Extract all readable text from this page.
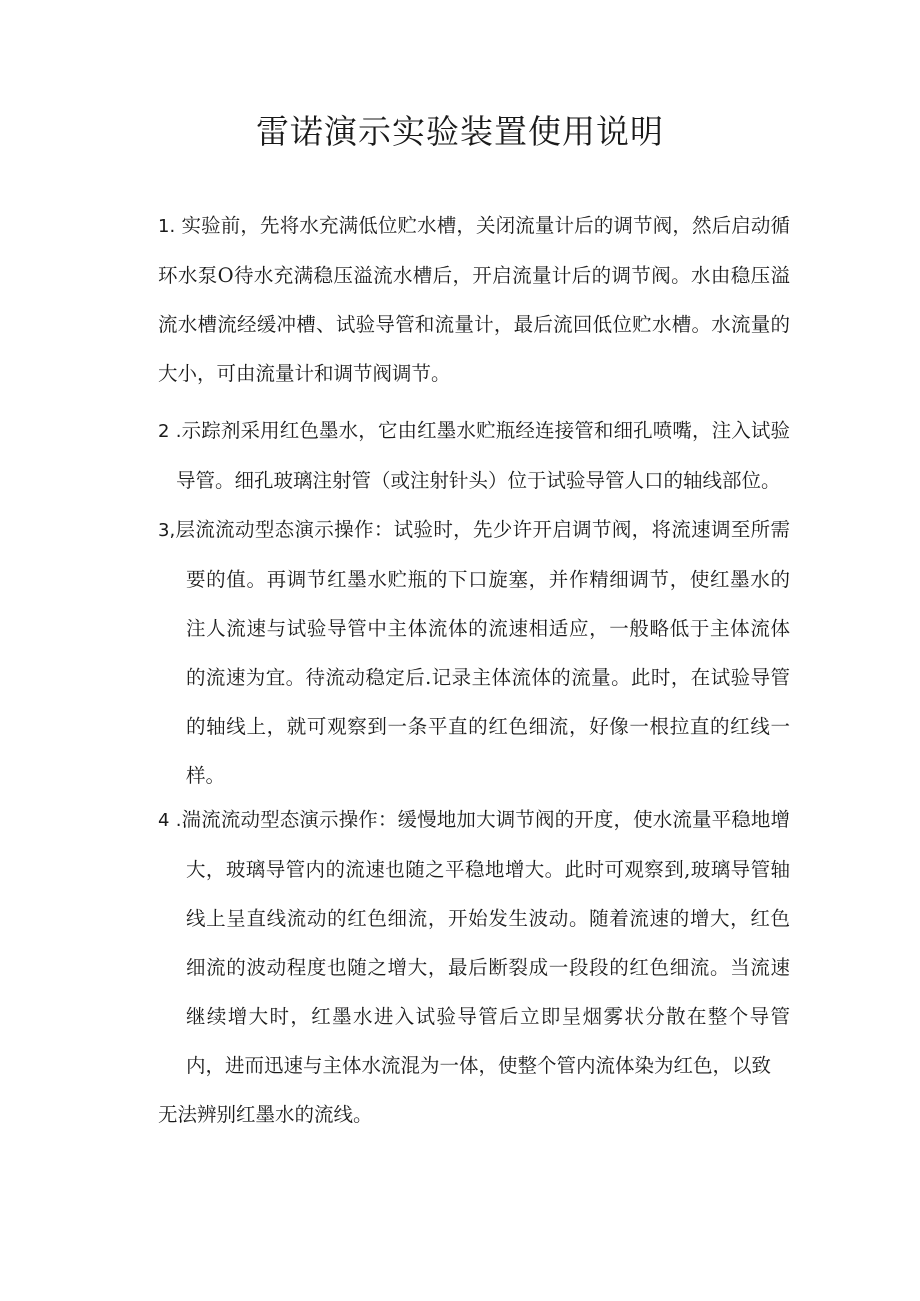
雷诺演示实验装置使用说明

1. 实验前，先将水充满低位贮水槽，关闭流量计后的调节阀，然后启动循环水泵O待水充满稳压溢流水槽后，开启流量计后的调节阀。水由稳压溢流水槽流经缓冲槽、试验导管和流量计，最后流回低位贮水槽。水流量的大小，可由流量计和调节阀调节。

2 .示踪剂采用红色墨水，它由红墨水贮瓶经连接管和细孔喷嘴，注入试验导管。细孔玻璃注射管（或注射针头）位于试验导管人口的轴线部位。

3,层流流动型态演示操作：试验时，先少许开启调节阀，将流速调至所需要的值。再调节红墨水贮瓶的下口旋塞，并作精细调节，使红墨水的注人流速与试验导管中主体流体的流速相适应，一般略低于主体流体的流速为宜。待流动稳定后.记录主体流体的流量。此时，在试验导管的轴线上，就可观察到一条平直的红色细流，好像一根拉直的红线一样。

4 .湍流流动型态演示操作：缓慢地加大调节阀的开度，使水流量平稳地增大，玻璃导管内的流速也随之平稳地增大。此时可观察到,玻璃导管轴线上呈直线流动的红色细流，开始发生波动。随着流速的增大，红色细流的波动程度也随之增大，最后断裂成一段段的红色细流。当流速继续增大时，红墨水进入试验导管后立即呈烟雾状分散在整个导管内，进而迅速与主体水流混为一体，使整个管内流体染为红色，以致
无法辨别红墨水的流线。
